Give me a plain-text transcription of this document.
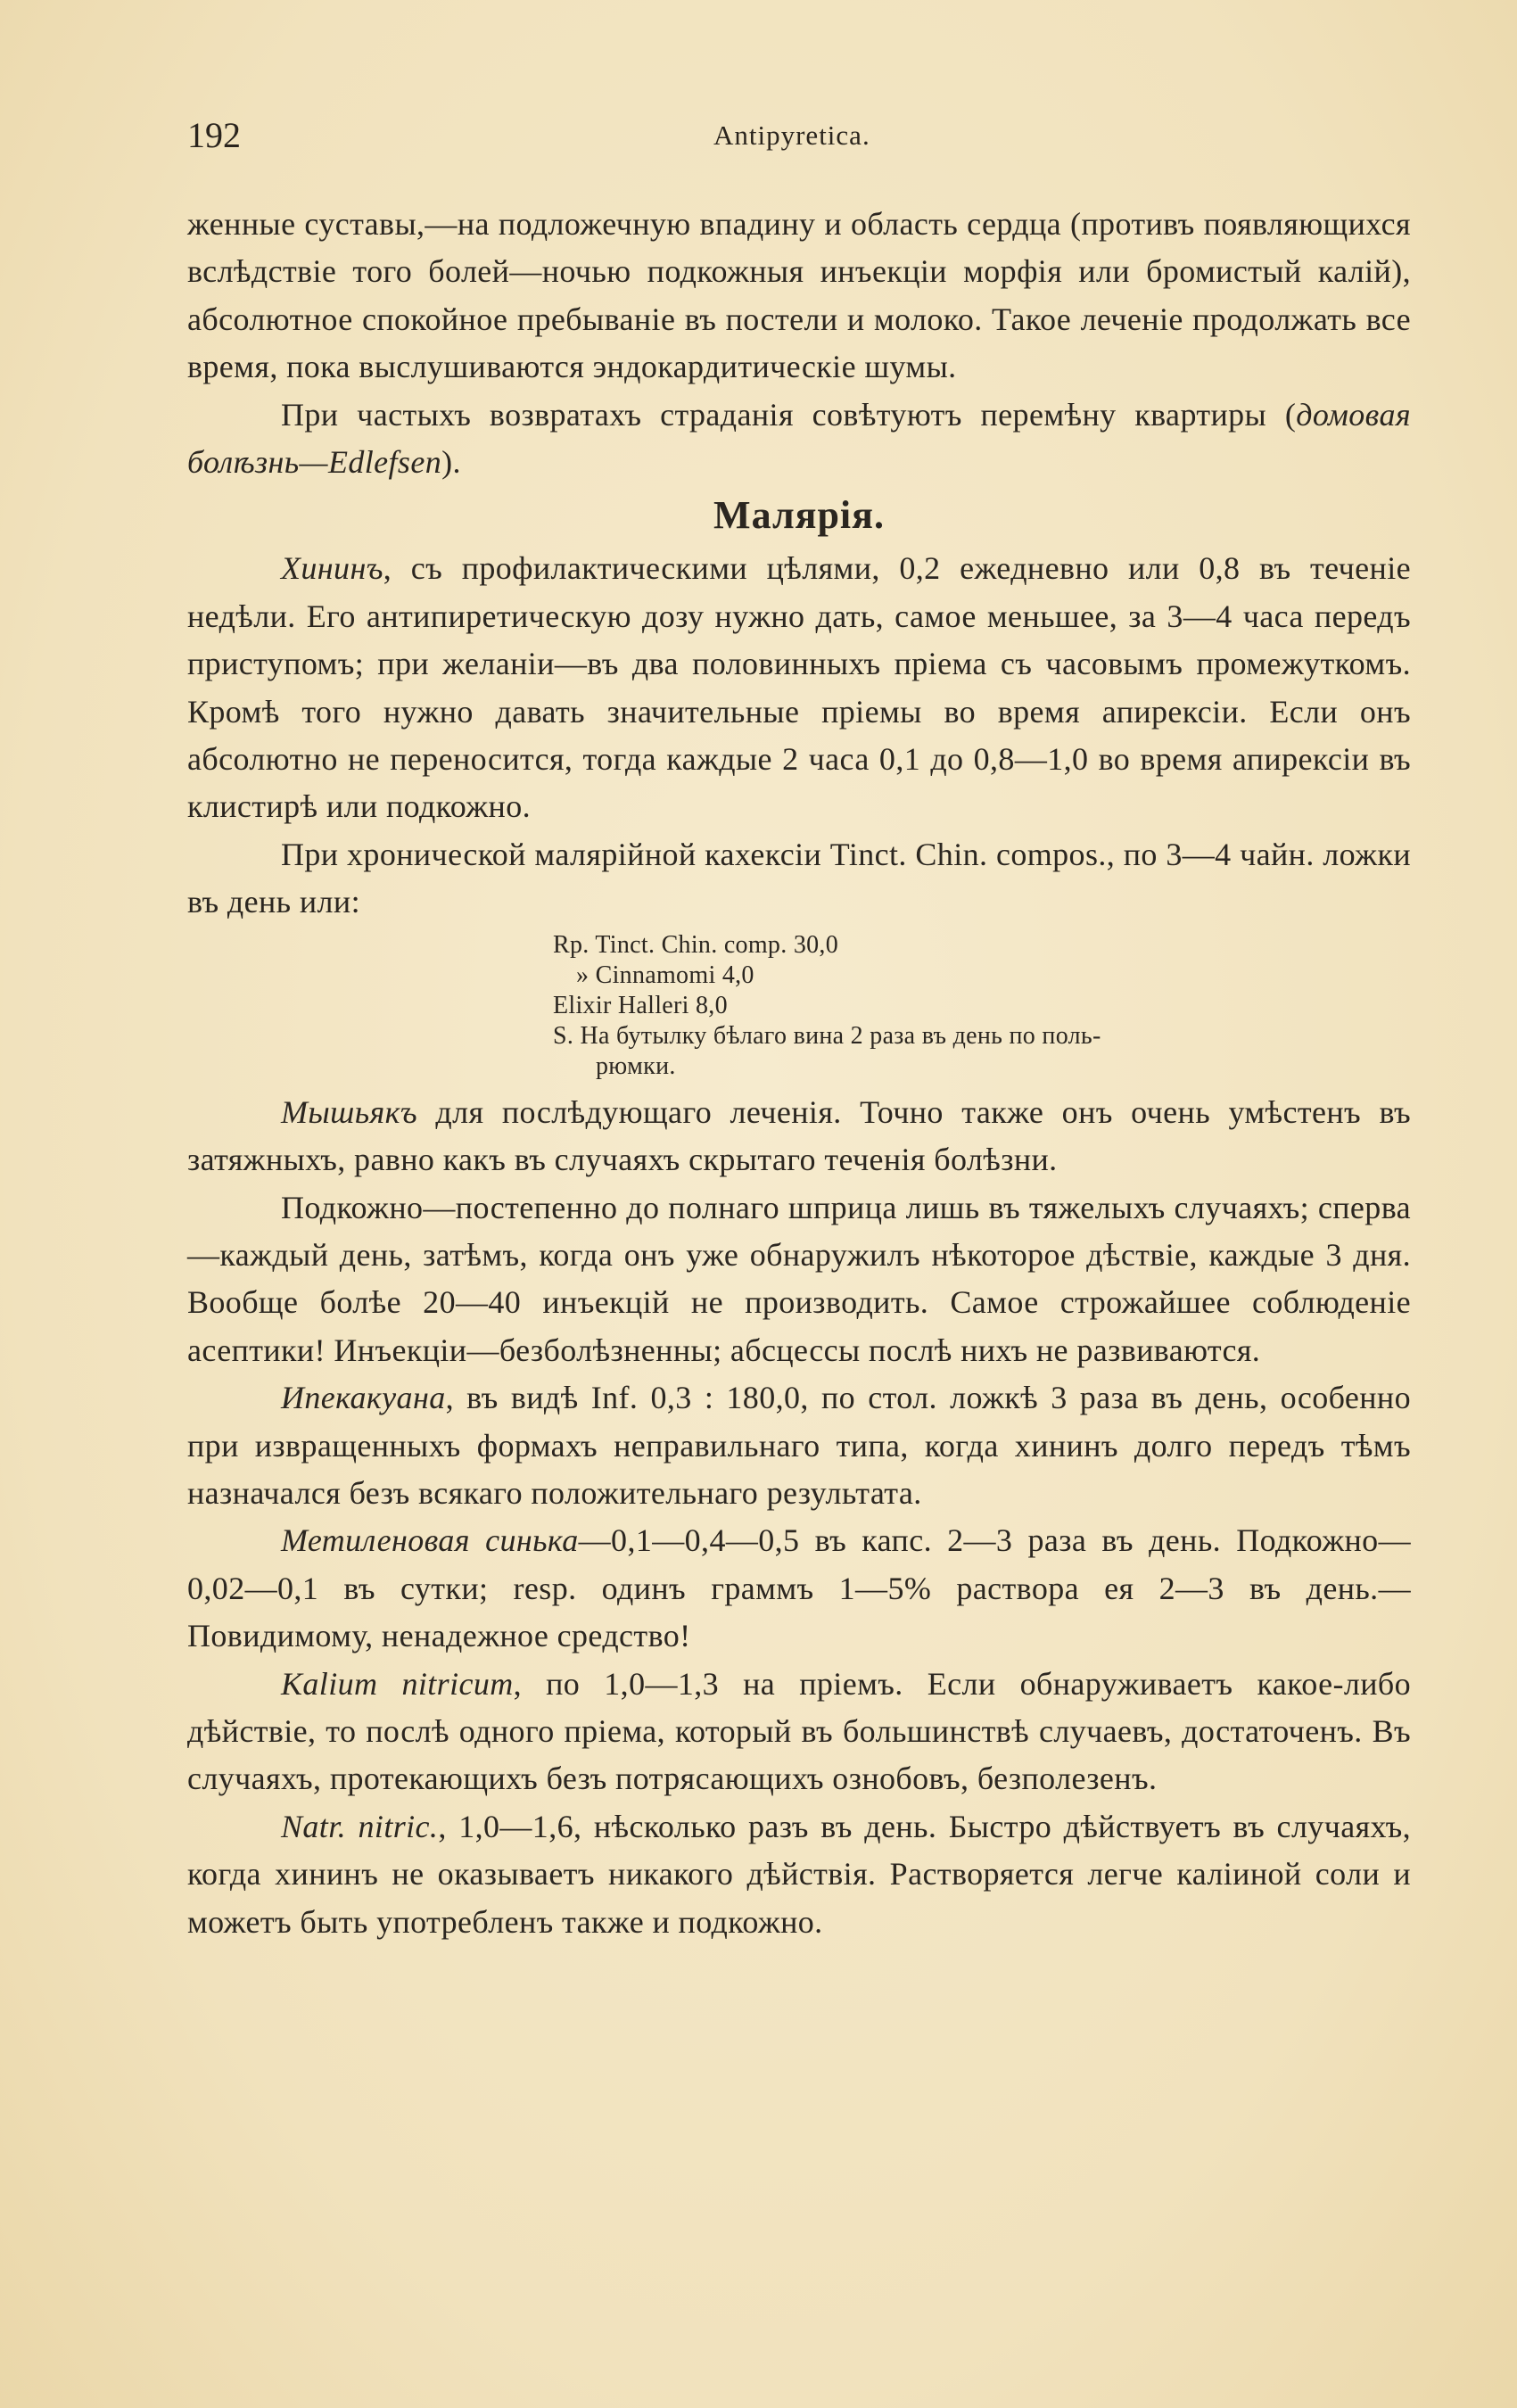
192	Antipyretica.

женные суставы,—на подложечную впадину и область сердца (противъ появляющихся вслѣдствіе того болей—ночью подкожныя инъекціи морфія или бромистый калій), абсолютное спокойное пребываніе въ постели и молоко. Такое леченіе продолжать все время, пока выслушиваются эндокардитическіе шумы.

При частыхъ возвратахъ страданія совѣтуютъ перемѣну квартиры (домовая болѣзнь—Edlefsen).

Малярія.

Хининъ, съ профилактическими цѣлями, 0,2 ежедневно или 0,8 въ теченіе недѣли. Его антипиретическую дозу нужно дать, самое меньшее, за 3—4 часа передъ приступомъ; при желаніи—въ два половинныхъ пріема съ часовымъ промежуткомъ. Кромѣ того нужно давать значительные пріемы во время апирексіи. Если онъ абсолютно не переносится, тогда каждые 2 часа 0,1 до 0,8—1,0 во время апирексіи въ клистирѣ или подкожно.

При хронической малярійной кахексіи Tinct. Chin. compos., по 3—4 чайн. ложки въ день или:

Rp. Tinct. Chin. comp. 30,0
» Cinnamomi 4,0
Elixir Halleri 8,0
S. На бутылку бѣлаго вина 2 раза въ день по поль-
рюмки.

Мышьякъ для послѣдующаго леченія. Точно также онъ очень умѣстенъ въ затяжныхъ, равно какъ въ случаяхъ скрытаго теченія болѣзни.

Подкожно—постепенно до полнаго шприца лишь въ тяжелыхъ случаяхъ; сперва—каждый день, затѣмъ, когда онъ уже обнаружилъ нѣкоторое дѣствіе, каждые 3 дня. Вообще болѣе 20—40 инъекцій не производить. Самое строжайшее соблюденіе асептики! Инъекціи—безболѣзненны; абсцессы послѣ нихъ не развиваются.

Ипекакуана, въ видѣ Inf. 0,3 : 180,0, по стол. ложкѣ 3 раза въ день, особенно при извращенныхъ формахъ неправильнаго типа, когда хининъ долго передъ тѣмъ назначался безъ всякаго положительнаго результата.

Метиленовая синька—0,1—0,4—0,5 въ капс. 2—3 раза въ день. Подкожно—0,02—0,1 въ сутки; resp. одинъ граммъ 1—5% раствора ея 2—3 въ день.—Повидимому, ненадежное средство!

Kalium nitricum, по 1,0—1,3 на пріемъ. Если обнаруживаетъ какое-либо дѣйствіе, то послѣ одного пріема, который въ большинствѣ случаевъ, достаточенъ. Въ случаяхъ, протекающихъ безъ потрясающихъ ознобовъ, безполезенъ.

Natr. nitric., 1,0—1,6, нѣсколько разъ въ день. Быстро дѣйствуетъ въ случаяхъ, когда хининъ не оказываетъ никакого дѣйствія. Растворяется легче каліиной соли и можетъ быть употребленъ также и подкожно.
